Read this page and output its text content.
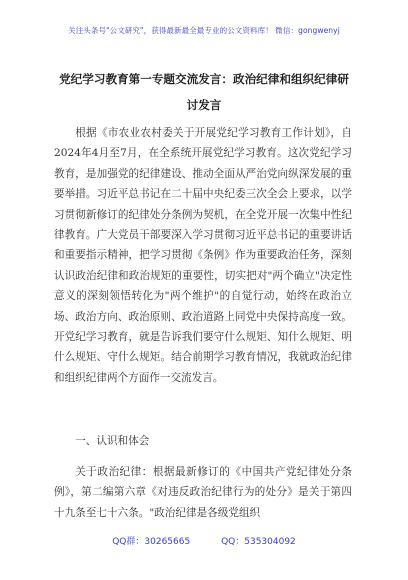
关注头条号"公文研究"，获得最新最全最专业的公文资料库！ 微信：gongwenyj
党纪学习教育第一专题交流发言：政治纪律和组织纪律研
讨发言

根据《市农业农村委关于开展党纪学习教育工作计划》，自2024年4月至7月，在全系统开展党纪学习教育。这次党纪学习教育，是加强党的纪律建设、推动全面从严治党向纵深发展的重要举措。习近平总书记在二十届中央纪委三次全会上要求，以学习贯彻新修订的纪律处分条例为契机，在全党开展一次集中性纪律教育。广大党员干部要深入学习贯彻习近平总书记的重要讲话和重要指示精神，把学习贯彻《条例》作为重要政治任务，深刻认识政治纪律和政治规矩的重要性，切实把对"两个确立"决定性意义的深刻领悟转化为"两个维护"的自觉行动，始终在政治立场、政治方向、政治原则、政治道路上同党中央保持高度一致。开党纪学习教育，就是告诉我们要守什么规矩、知什么规矩、明什么规矩、守什么规矩。结合前期学习教育情况，我就政治纪律和组织纪律两个方面作一交流发言。

一、认识和体会

关于政治纪律：根据最新修订的《中国共产党纪律处分条例》，第二编第六章《对违反政治纪律行为的处分》是关于第四十九条至七十六条。"政治纪律是各级党组织

QQ群：30265665	QQ：535304092
